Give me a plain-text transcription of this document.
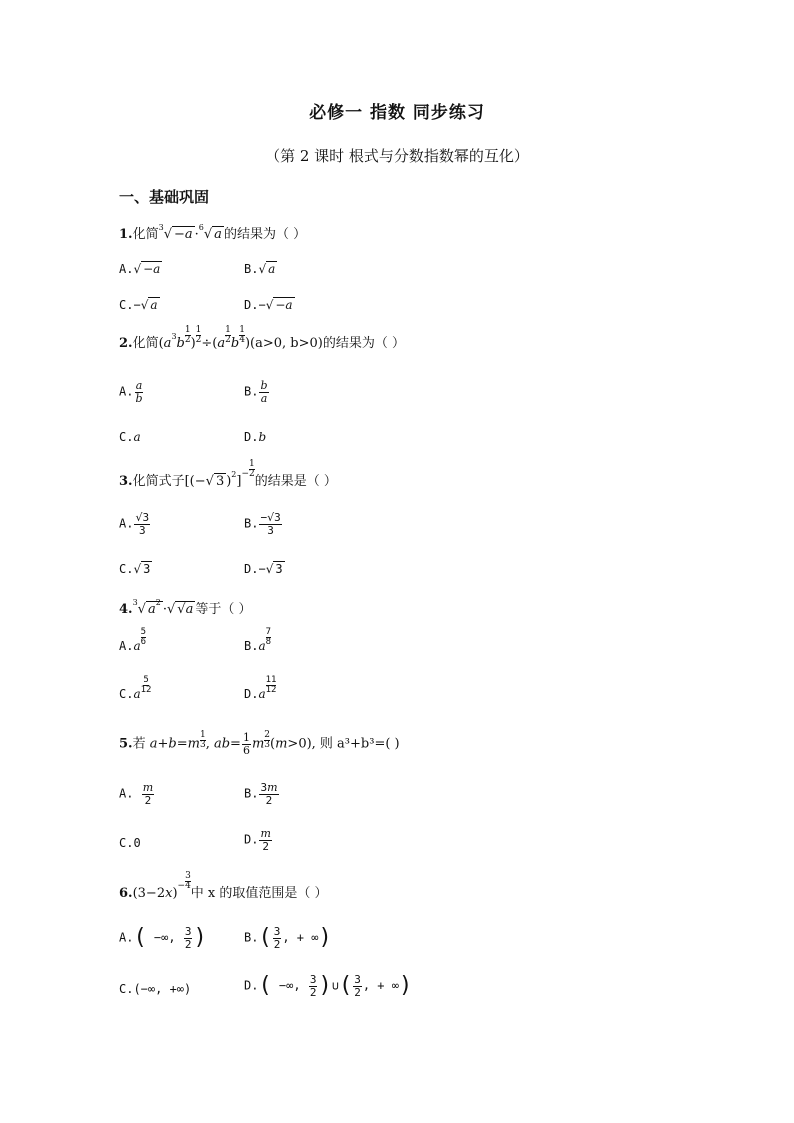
必修一 指数 同步练习
（第 2 课时 根式与分数指数幂的互化）
一、基础巩固
1.化简$^3$√ −a ·$^6$√ a 的结果为（ ）
A.√ −a	B.√ a
C.−√ a	D.−√ −a
2.化简($a^3b \frac{1}{2}$ ) $\frac{1}{2} \div(a \frac{1}{2}$ b $\frac{1}{4} )(a>0$, b>0)的结果为（ ）
A. $\frac{a}{b}$	B. $\frac{b}{a}$
C.a	D.b
3.化简式子[(−√ 3 )$^2] - \frac{1}{2}$
的结果是（ ）
A. $\frac{√3}{3}$	B. $\frac{-√3}{3}$
C.√ 3	D.−√ 3
4.$^3$√ $a^2$ ·√ √a 等于（ ）
$A.a \frac{5}{6}$	$B.a \frac{7}{8}$
$C.a \frac{5}{12}$	$D.a \frac{11}{12}$
5.若 $a+b=m \frac{1}{3}$ , $ab= \frac{1}{6}$ m $\frac{2}{3} (m>0)$, 则 a³+b³=( )
A. $\frac{m}{2}$	B. $\frac{3m}{2}$
C.0	D. $\frac{m}{2}$
$6.(3-2x) - \frac{3}{4}$
中 x 的取值范围是（ ）
A.( −∞, $\frac{3}{2}$ )	$B.( \frac{3}{2}$ , + ∞)
C.(−∞, +∞)	D.( −∞, $\frac{3}{2}$ )∪( $\frac{3}{2}$ , + ∞)
